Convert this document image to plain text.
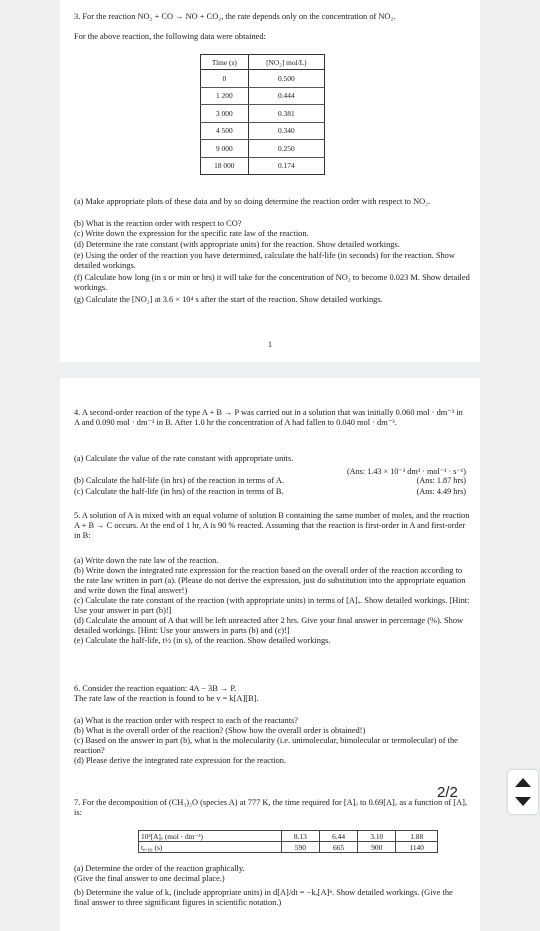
3. For the reaction NO₂ + CO → NO + CO₂, the rate depends only on the concentration of NO₂.
For the above reaction, the following data were obtained:
Time (s)	[NO₂] mol/L)
0	0.500
1 200	0.444
3 000	0.381
4 500	0.340
9 000	0.250
18 000	0.174
(a) Make appropriate plots of these data and by so doing determine the reaction order with respect to NO₂.
(b) What is the reaction order with respect to CO?
(c) Write down the expression for the specific rate law of the reaction.
(d) Determine the rate constant (with appropriate units) for the reaction. Show detailed workings.
(e) Using the order of the reaction you have determined, calculate the half-life (in seconds) for the reaction. Show detailed workings.
(f) Calculate how long (in s or min or hrs) it will take for the concentration of NO₂ to become 0.023 M. Show detailed workings.
(g) Calculate the [NO₂] at 3.6 × 10⁴ s after the start of the reaction. Show detailed workings.
1
4. A second-order reaction of the type A + B → P was carried out in a solution that was initially 0.060 mol · dm⁻³ in A and 0.090 mol · dm⁻³ in B. After 1.0 hr the concentration of A had fallen to 0.040 mol · dm⁻³.
(a) Calculate the value of the rate constant with appropriate units.
(Ans: 1.43 × 10⁻³ dm³ · mol⁻¹ · s⁻¹)
(b) Calculate the half-life (in hrs) of the reaction in terms of A.	(Ans: 1.87 hrs)
(c) Calculate the half-life (in hrs) of the reaction in terms of B.	(Ans: 4.49 hrs)
5. A solution of A is mixed with an equal volume of solution B containing the same number of moles, and the reaction A + B → C occurs. At the end of 1 hr, A is 90 % reacted. Assuming that the reaction is first-order in A and first-order in B:
(a) Write down the rate law of the reaction.
(b) Write down the integrated rate expression for the reaction based on the overall order of the reaction according to the rate law written in part (a). (Please do not derive the expression, just do substitution into the appropriate equation and write down the final answer!)
(c) Calculate the rate constant of the reaction (with appropriate units) in terms of [A]ₒ. Show detailed workings. [Hint: Use your answer in part (b)!]
(d) Calculate the amount of A that will be left unreacted after 2 hrs. Give your final answer in percentage (%). Show detailed workings. [Hint: Use your answers in parts (b) and (c)!]
(e) Calculate the half-life, t½ (in s), of the reaction. Show detailed workings.
6. Consider the reaction equation: 4A − 3B → P.
The rate law of the reaction is found to be v = k[A][B].
(a) What is the reaction order with respect to each of the reactants?
(b) What is the overall order of the reaction? (Show how the overall order is obtained!)
(c) Based on the answer in part (b), what is the molecularity (i.e. unimolecular, bimolecular or termolecular) of the reaction?
(d) Please derive the integrated rate expression for the reaction.
7. For the decomposition of (CH₃)₂O (species A) at 777 K, the time required for [A]ₒ to 0.69[A]ₒ as a function of [A]ₒ is:
10³[A]ₒ (mol · dm⁻³)	8.13	6.44	3.10	1.88
t₀.₆₉ (s)	590	665	900	1140
(a) Determine the order of the reaction graphically.
(Give the final answer to one decimal place.)
(b) Determine the value of kₐ (include appropriate units) in d[A]/dt = −kₐ[A]ⁿ. Show detailed workings. (Give the final answer to three significant figures in scientific notation.)
2/2
